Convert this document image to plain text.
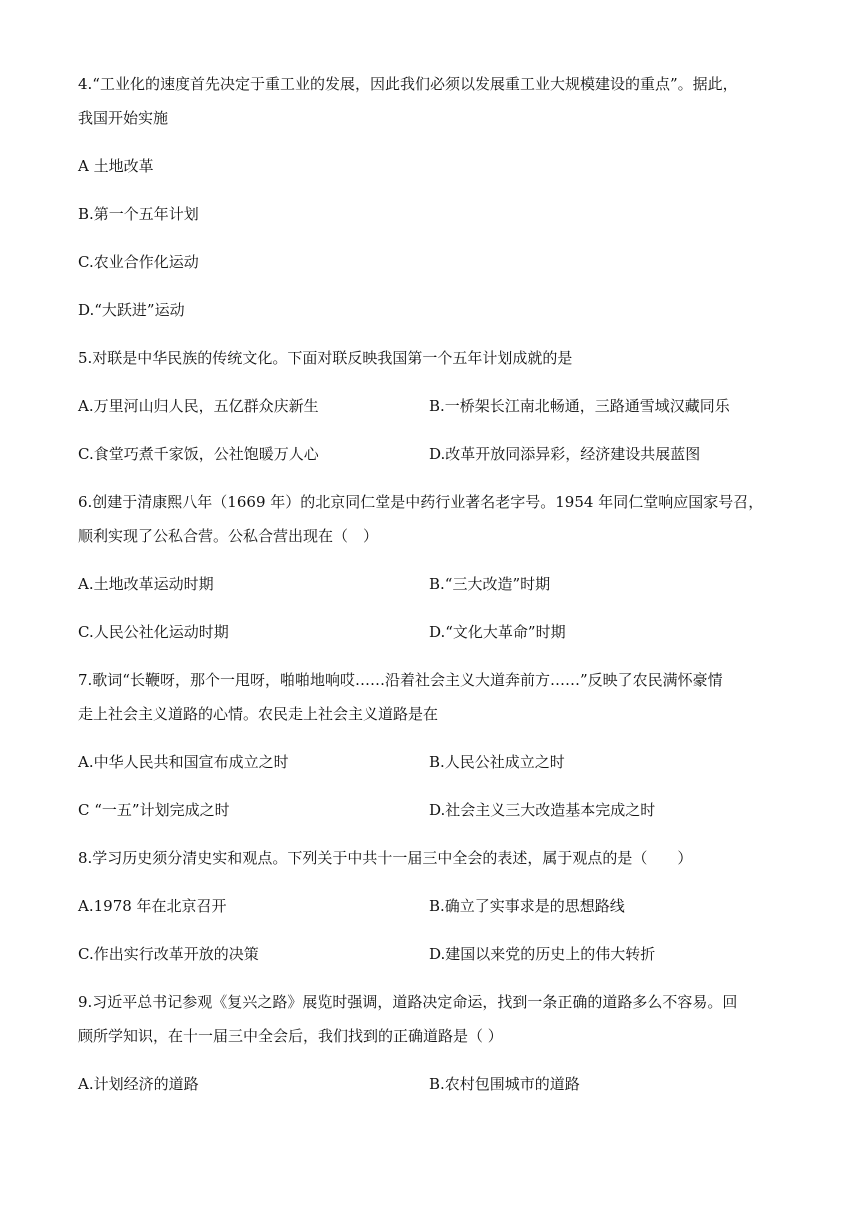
4.“工业化的速度首先决定于重工业的发展，因此我们必须以发展重工业大规模建设的重点”。据此，
我国开始实施
A 土地改革
B.第一个五年计划
C.农业合作化运动
D.“大跃进”运动
5.对联是中华民族的传统文化。下面对联反映我国第一个五年计划成就的是
A.万里河山归人民，五亿群众庆新生	B.一桥架长江南北畅通，三路通雪域汉藏同乐
C.食堂巧煮千家饭，公社饱暖万人心	D.改革开放同添异彩，经济建设共展蓝图
6.创建于清康熙八年（1669 年）的北京同仁堂是中药行业著名老字号。1954 年同仁堂响应国家号召，
顺利实现了公私合营。公私合营出现在（　）
A.土地改革运动时期	B.“三大改造”时期
C.人民公社化运动时期	D.“文化大革命”时期
7.歌词“长鞭呀，那个一甩呀，啪啪地响哎……沿着社会主义大道奔前方……”反映了农民满怀豪情
走上社会主义道路的心情。农民走上社会主义道路是在
A.中华人民共和国宣布成立之时	B.人民公社成立之时
C “一五”计划完成之时	D.社会主义三大改造基本完成之时
8.学习历史须分清史实和观点。下列关于中共十一届三中全会的表述，属于观点的是（　　）
A.1978 年在北京召开	B.确立了实事求是的思想路线
C.作出实行改革开放的决策	D.建国以来党的历史上的伟大转折
9.习近平总书记参观《复兴之路》展览时强调，道路决定命运，找到一条正确的道路多么不容易。回
顾所学知识，在十一届三中全会后，我们找到的正确道路是（ ）
A.计划经济的道路	B.农村包围城市的道路
